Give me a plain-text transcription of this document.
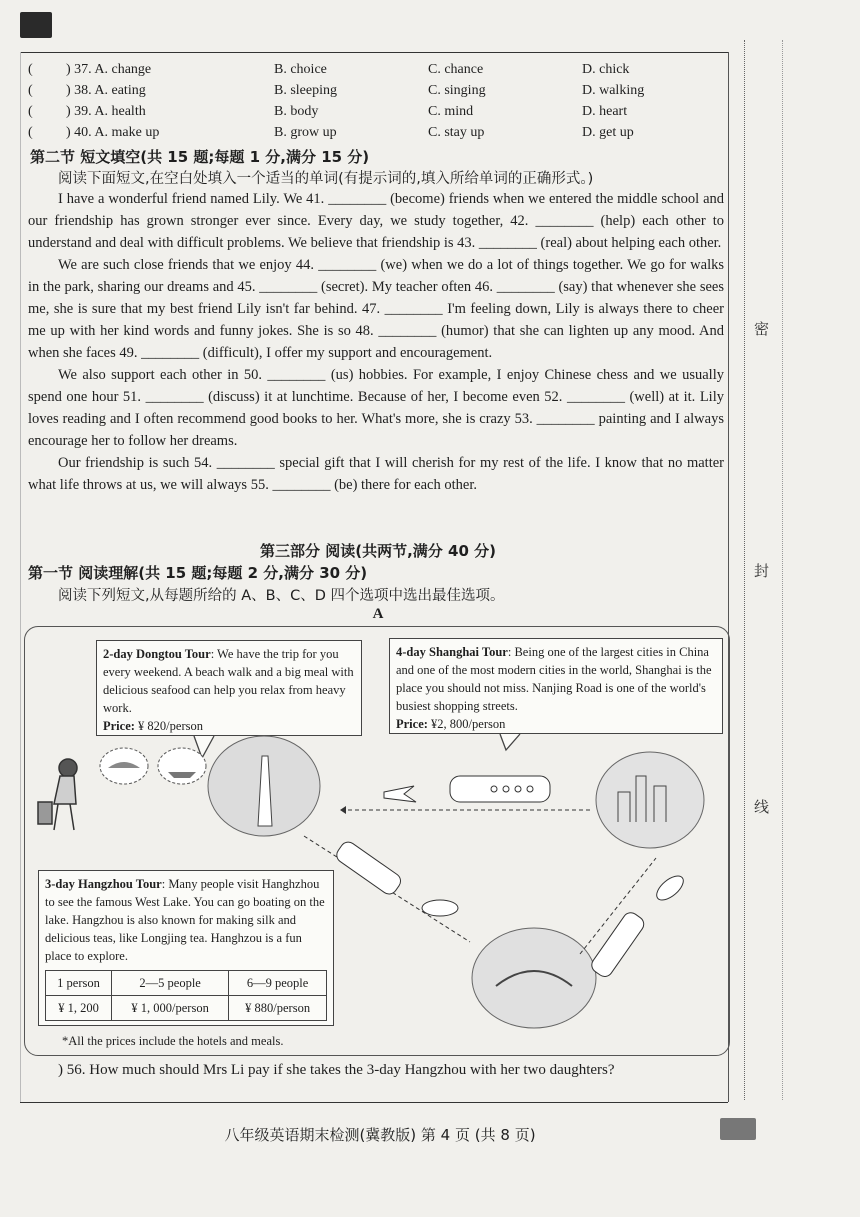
密
封
线
( ) 37. A. change	B. choice	C. chance	D. chick
( ) 38. A. eating	B. sleeping	C. singing	D. walking
( ) 39. A. health	B. body	C. mind	D. heart
( ) 40. A. make up	B. grow up	C. stay up	D. get up
第二节 短文填空(共 15 题;每题 1 分,满分 15 分)
阅读下面短文,在空白处填入一个适当的单词(有提示词的,填入所给单词的正确形式。)

I have a wonderful friend named Lily. We 41. ________ (become) friends when we entered the middle school and our friendship has grown stronger ever since. Every day, we study together, 42. ________ (help) each other to understand and deal with difficult problems. We believe that friendship is 43. ________ (real) about helping each other.

We are such close friends that we enjoy 44. ________ (we) when we do a lot of things together. We go for walks in the park, sharing our dreams and 45. ________ (secret). My teacher often 46. ________ (say) that whenever she sees me, she is sure that my best friend Lily isn't far behind. 47. ________ I'm feeling down, Lily is always there to cheer me up with her kind words and funny jokes. She is so 48. ________ (humor) that she can lighten up any mood. And when she faces 49. ________ (difficult), I offer my support and encouragement.

We also support each other in 50. ________ (us) hobbies. For example, I enjoy Chinese chess and we usually spend one hour 51. ________ (discuss) it at lunchtime. Because of her, I become even 52. ________ (well) at it. Lily loves reading and I often recommend good books to her. What's more, she is crazy 53. ________ painting and I always encourage her to follow her dreams.

Our friendship is such 54. ________ special gift that I will cherish for my rest of the life. I know that no matter what life throws at us, we will always 55. ________ (be) there for each other.

第三部分 阅读(共两节,满分 40 分)
第一节 阅读理解(共 15 题;每题 2 分,满分 30 分)
阅读下列短文,从每题所给的 A、B、C、D 四个选项中选出最佳选项。
A
2-day Dongtou Tour: We have the trip for you every weekend. A beach walk and a big meal with delicious seafood can help you relax from heavy work.
Price: ¥ 820/person
4-day Shanghai Tour: Being one of the largest cities in China and one of the most modern cities in the world, Shanghai is the place you should not miss. Nanjing Road is one of the world's busiest shopping streets.
Price: ¥2, 800/person
3-day Hangzhou Tour: Many people visit Hanghzhou to see the famous West Lake. You can go boating on the lake. Hangzhou is also known for making silk and delicious teas, like Longjing tea. Hanghzou is a fun place to explore.
1 person	2—5 people	6—9 people
¥ 1, 200	¥ 1, 000/person	¥ 880/person
*All the prices include the hotels and meals.
) 56. How much should Mrs Li pay if she takes the 3-day Hangzhou with her two daughters?
八年级英语期末检测(冀教版) 第 4 页 (共 8 页)
